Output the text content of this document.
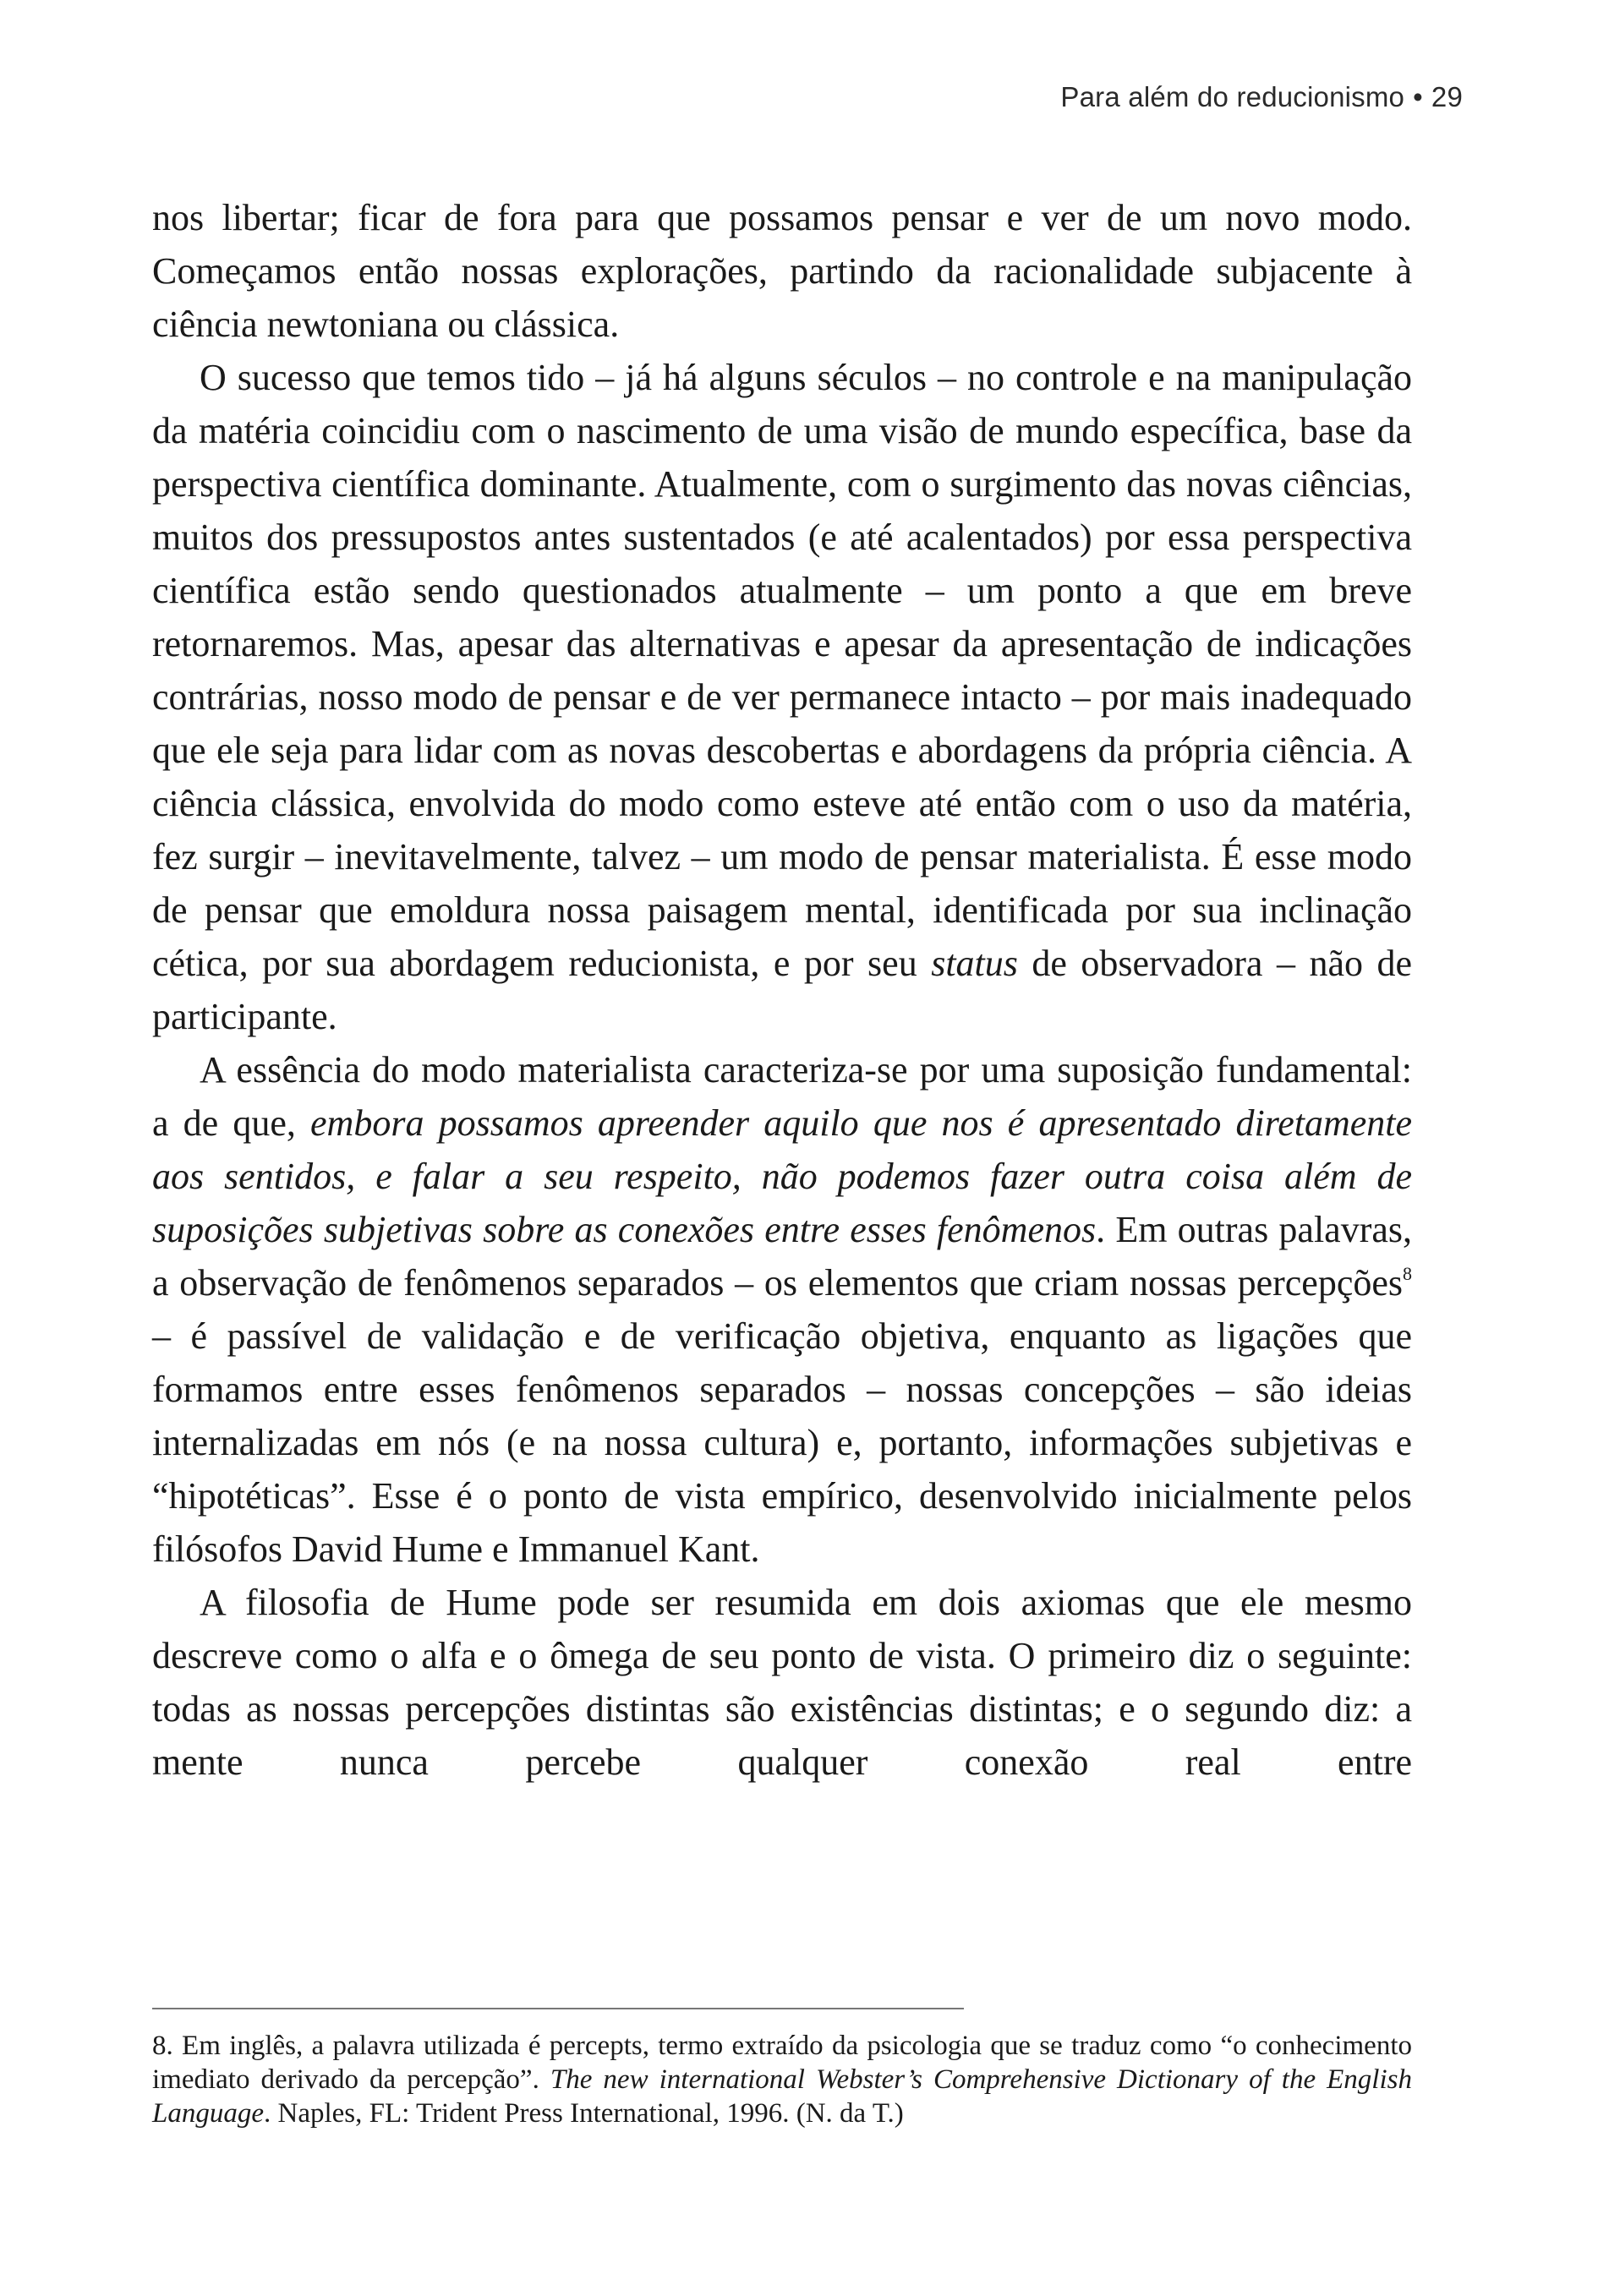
Para além do reducionismo • 29

nos libertar; ficar de fora para que possamos pensar e ver de um novo modo. Começamos então nossas explorações, partindo da racionalidade subjacente à ciência newtoniana ou clássica.

O sucesso que temos tido – já há alguns séculos – no controle e na manipulação da matéria coincidiu com o nascimento de uma visão de mundo específica, base da perspectiva científica dominante. Atualmente, com o surgimento das novas ciências, muitos dos pressupostos antes sustentados (e até acalentados) por essa perspectiva científica estão sendo questionados atualmente – um ponto a que em breve retornaremos. Mas, apesar das alternativas e apesar da apresentação de indicações contrárias, nosso modo de pensar e de ver permanece intacto – por mais inadequado que ele seja para lidar com as novas descobertas e abordagens da própria ciência. A ciência clássica, envolvida do modo como esteve até então com o uso da matéria, fez surgir – inevitavelmente, talvez – um modo de pensar materialista. É esse modo de pensar que emoldura nossa paisagem mental, identificada por sua inclinação cética, por sua abordagem reducionista, e por seu status de observadora – não de participante.

A essência do modo materialista caracteriza-se por uma suposição fundamental: a de que, embora possamos apreender aquilo que nos é apresentado diretamente aos sentidos, e falar a seu respeito, não podemos fazer outra coisa além de suposições subjetivas sobre as conexões entre esses fenômenos. Em outras palavras, a observação de fenômenos separados – os elementos que criam nossas percepções$^8$ – é passível de validação e de verificação objetiva, enquanto as ligações que formamos entre esses fenômenos separados – nossas concepções – são ideias internalizadas em nós (e na nossa cultura) e, portanto, informações subjetivas e “hipotéticas”. Esse é o ponto de vista empírico, desenvolvido inicialmente pelos filósofos David Hume e Immanuel Kant.

A filosofia de Hume pode ser resumida em dois axiomas que ele mesmo descreve como o alfa e o ômega de seu ponto de vista. O primeiro diz o seguinte: todas as nossas percepções distintas são existências distintas; e o segundo diz: a mente nunca percebe qualquer conexão real entre

8. Em inglês, a palavra utilizada é percepts, termo extraído da psicologia que se traduz como “o conhecimento imediato derivado da percepção”. The new international Webster’s Comprehensive Dictionary of the English Language. Naples, FL: Trident Press International, 1996. (N. da T.)
